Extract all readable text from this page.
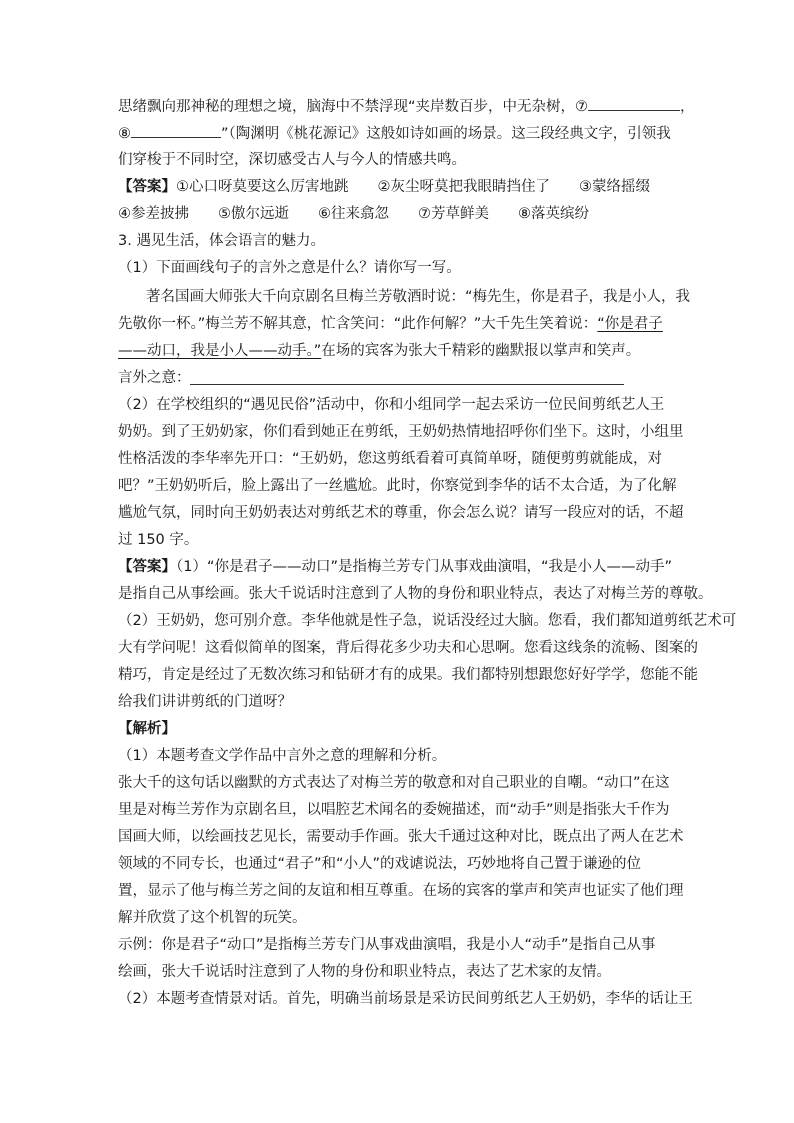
思绪飘向那神秘的理想之境，脑海中不禁浮现“夹岸数百步，中无杂树，⑦	，
⑧	”（陶渊明《桃花源记》这般如诗如画的场景。这三段经典文字，引领我
们穿梭于不同时空，深切感受古人与今人的情感共鸣。
【答案】①心口呀莫要这么厉害地跳　　②灰尘呀莫把我眼睛挡住了　　③蒙络摇缀
④参差披拂　　⑤傲尔远逝　　⑥往来翕忽　　⑦芳草鲜美　　⑧落英缤纷
3. 遇见生活，体会语言的魅力。
（1）下面画线句子的言外之意是什么？请你写一写。
著名国画大师张大千向京剧名旦梅兰芳敬酒时说：“梅先生，你是君子，我是小人，我
先敬你一杯。”梅兰芳不解其意，忙含笑问：“此作何解？”大千先生笑着说：“你是君子
——动口，我是小人——动手。”在场的宾客为张大千精彩的幽默报以掌声和笑声。
言外之意：
（2）在学校组织的“遇见民俗”活动中，你和小组同学一起去采访一位民间剪纸艺人王
奶奶。到了王奶奶家，你们看到她正在剪纸，王奶奶热情地招呼你们坐下。这时，小组里
性格活泼的李华率先开口：“王奶奶，您这剪纸看着可真简单呀，随便剪剪就能成，对
吧？”王奶奶听后，脸上露出了一丝尴尬。此时，你察觉到李华的话不太合适，为了化解
尴尬气氛，同时向王奶奶表达对剪纸艺术的尊重，你会怎么说？请写一段应对的话，不超
过 150 字。
【答案】（1）“你是君子——动口”是指梅兰芳专门从事戏曲演唱，“我是小人——动手”
是指自己从事绘画。张大千说话时注意到了人物的身份和职业特点，表达了对梅兰芳的尊敬。
（2）王奶奶，您可别介意。李华他就是性子急，说话没经过大脑。您看，我们都知道剪纸艺术可
大有学问呢！这看似简单的图案，背后得花多少功夫和心思啊。您看这线条的流畅、图案的
精巧，肯定是经过了无数次练习和钻研才有的成果。我们都特别想跟您好好学学，您能不能
给我们讲讲剪纸的门道呀？
【解析】
（1）本题考查文学作品中言外之意的理解和分析。
张大千的这句话以幽默的方式表达了对梅兰芳的敬意和对自己职业的自嘲。“动口”在这
里是对梅兰芳作为京剧名旦，以唱腔艺术闻名的委婉描述，而“动手”则是指张大千作为
国画大师，以绘画技艺见长，需要动手作画。张大千通过这种对比，既点出了两人在艺术
领域的不同专长，也通过“君子”和“小人”的戏谑说法，巧妙地将自己置于谦逊的位
置，显示了他与梅兰芳之间的友谊和相互尊重。在场的宾客的掌声和笑声也证实了他们理
解并欣赏了这个机智的玩笑。
示例：你是君子“动口”是指梅兰芳专门从事戏曲演唱，我是小人“动手”是指自己从事
绘画，张大千说话时注意到了人物的身份和职业特点，表达了艺术家的友情。
（2）本题考查情景对话。首先，明确当前场景是采访民间剪纸艺人王奶奶，李华的话让王
